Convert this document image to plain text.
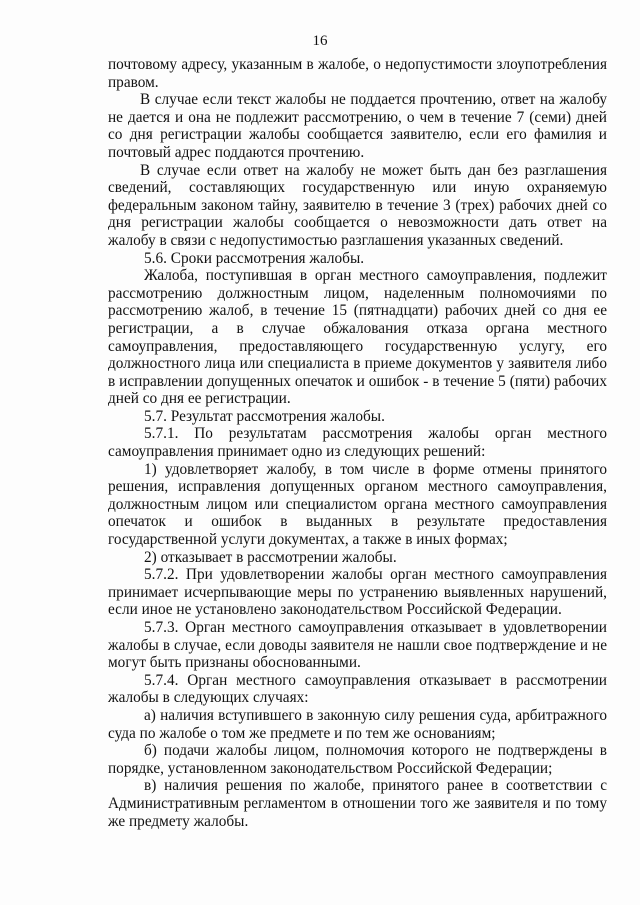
16

почтовому адресу, указанным в жалобе, о недопустимости злоупотребления правом.

В случае если текст жалобы не поддается прочтению, ответ на жалобу не дается и она не подлежит рассмотрению, о чем в течение 7 (семи) дней со дня регистрации жалобы сообщается заявителю, если его фамилия и почтовый адрес поддаются прочтению.

В случае если ответ на жалобу не может быть дан без разглашения сведений, составляющих государственную или иную охраняемую федеральным законом тайну, заявителю в течение 3 (трех) рабочих дней со дня регистрации жалобы сообщается о невозможности дать ответ на жалобу в связи с недопустимостью разглашения указанных сведений.

5.6. Сроки рассмотрения жалобы.

Жалоба, поступившая в орган местного самоуправления, подлежит рассмотрению должностным лицом, наделенным полномочиями по рассмотрению жалоб, в течение 15 (пятнадцати) рабочих дней со дня ее регистрации, а в случае обжалования отказа органа местного самоуправления, предоставляющего государственную услугу, его должностного лица или специалиста в приеме документов у заявителя либо в исправлении допущенных опечаток и ошибок - в течение 5 (пяти) рабочих дней со дня ее регистрации.

5.7. Результат рассмотрения жалобы.

5.7.1. По результатам рассмотрения жалобы орган местного самоуправления принимает одно из следующих решений:

1) удовлетворяет жалобу, в том числе в форме отмены принятого решения, исправления допущенных органом местного самоуправления, должностным лицом или специалистом органа местного самоуправления опечаток и ошибок в выданных в результате предоставления государственной услуги документах, а также в иных формах;

2) отказывает в рассмотрении жалобы.

5.7.2. При удовлетворении жалобы орган местного самоуправления принимает исчерпывающие меры по устранению выявленных нарушений, если иное не установлено законодательством Российской Федерации.

5.7.3. Орган местного самоуправления отказывает в удовлетворении жалобы в случае, если доводы заявителя не нашли свое подтверждение и не могут быть признаны обоснованными.

5.7.4. Орган местного самоуправления отказывает в рассмотрении жалобы в следующих случаях:

а) наличия вступившего в законную силу решения суда, арбитражного суда по жалобе о том же предмете и по тем же основаниям;

б) подачи жалобы лицом, полномочия которого не подтверждены в порядке, установленном законодательством Российской Федерации;

в) наличия решения по жалобе, принятого ранее в соответствии с Административным регламентом в отношении того же заявителя и по тому же предмету жалобы.
